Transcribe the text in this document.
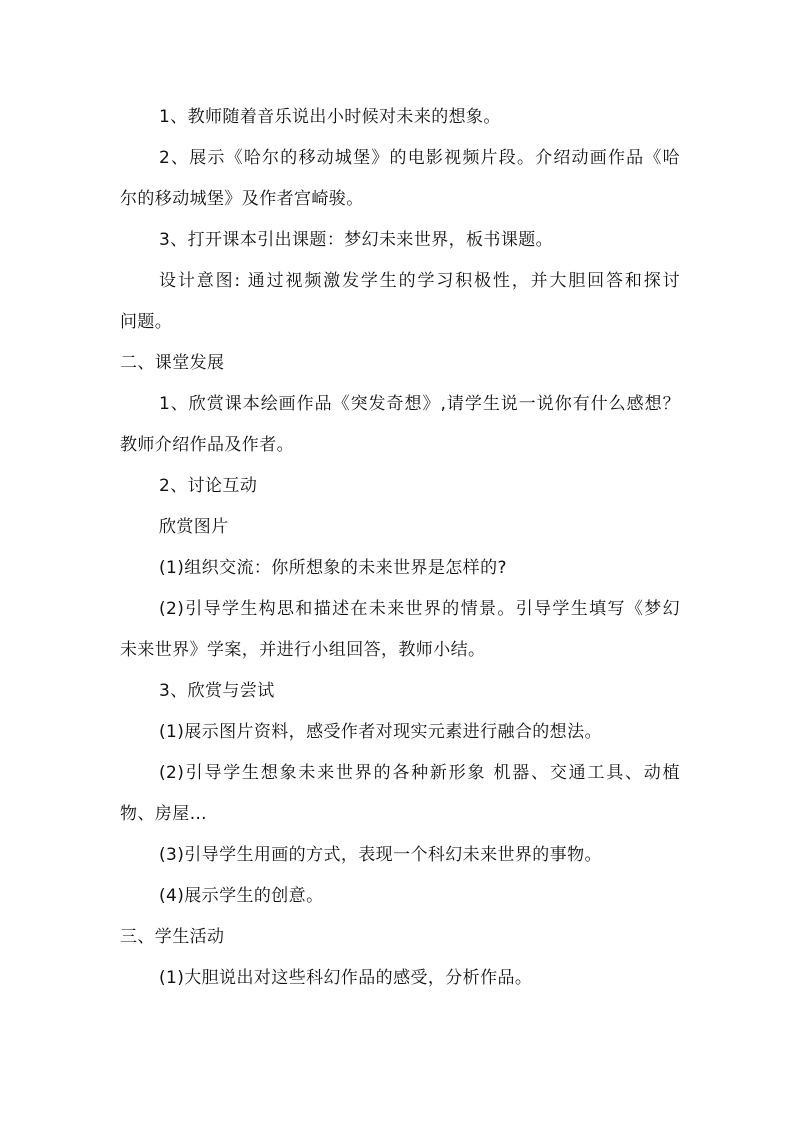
1、教师随着音乐说出小时候对未来的想象。
2、展示《哈尔的移动城堡》的电影视频片段。介绍动画作品《哈
尔的移动城堡》及作者宫崎骏。
3、打开课本引出课题：梦幻未来世界，板书课题。
设计意图: 通过视频激发学生的学习积极性，并大胆回答和探讨
问题。
二、课堂发展
1、欣赏课本绘画作品《突发奇想》,请学生说一说你有什么感想？
教师介绍作品及作者。
2、讨论互动
欣赏图片
(1)组织交流：你所想象的未来世界是怎样的?
(2)引导学生构思和描述在未来世界的情景。引导学生填写《梦幻
未来世界》学案，并进行小组回答，教师小结。
3、欣赏与尝试
(1)展示图片资料，感受作者对现实元素进行融合的想法。
(2)引导学生想象未来世界的各种新形象 机器、交通工具、动植
物、房屋…
(3)引导学生用画的方式，表现一个科幻未来世界的事物。
(4)展示学生的创意。
三、学生活动
(1)大胆说出对这些科幻作品的感受，分析作品。
